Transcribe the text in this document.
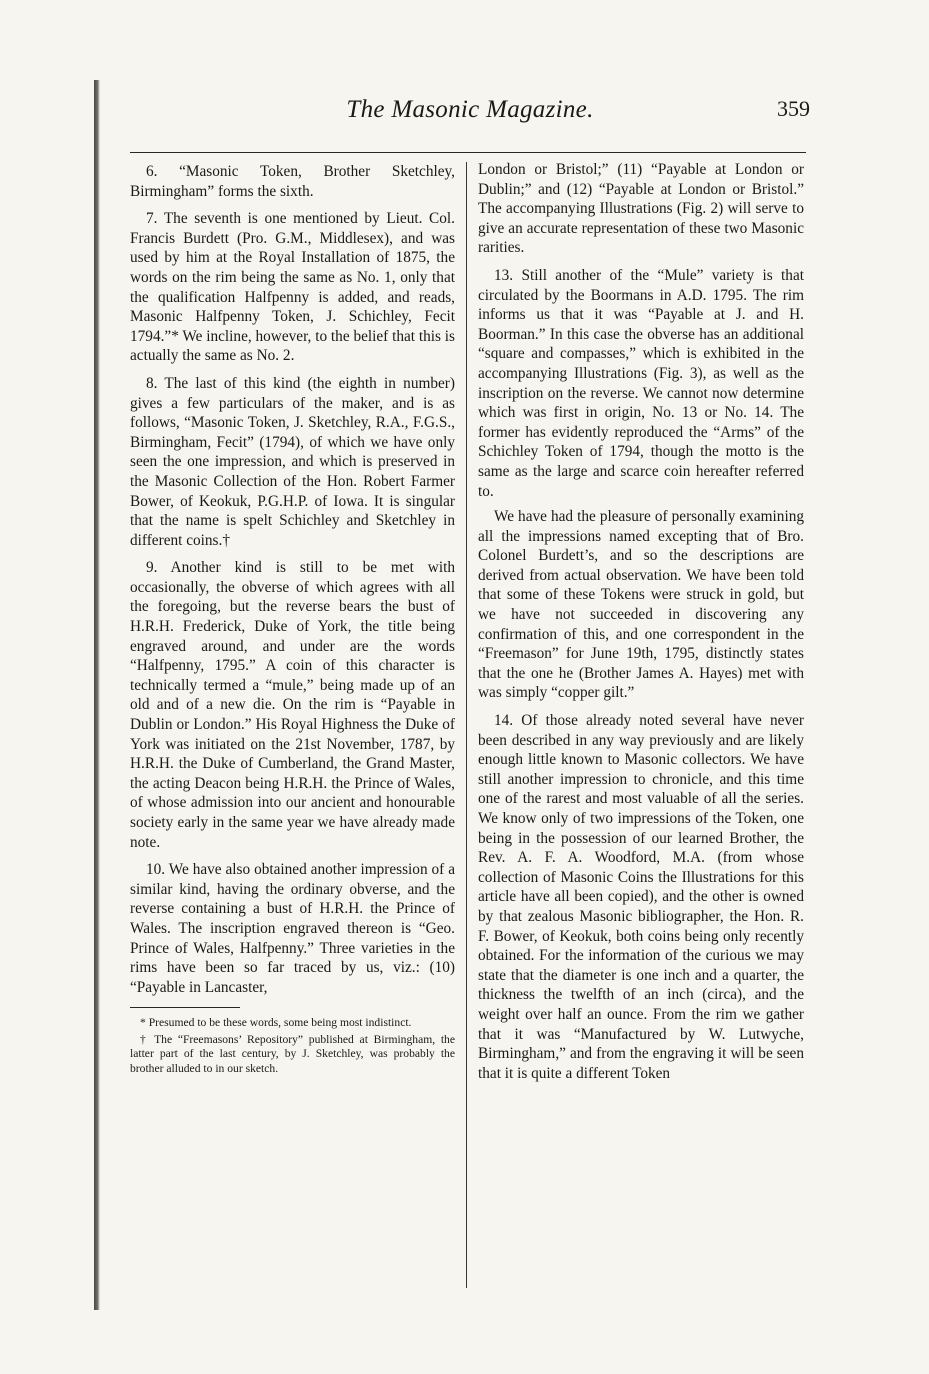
The Masonic Magazine.	359

6. “Masonic Token, Brother Sketchley, Birmingham” forms the sixth.

7. The seventh is one mentioned by Lieut. Col. Francis Burdett (Pro. G.M., Middlesex), and was used by him at the Royal Installation of 1875, the words on the rim being the same as No. 1, only that the qualification Halfpenny is added, and reads, Masonic Halfpenny Token, J. Schichley, Fecit 1794.”* We incline, however, to the belief that this is actually the same as No. 2.

8. The last of this kind (the eighth in number) gives a few particulars of the maker, and is as follows, “Masonic Token, J. Sketchley, R.A., F.G.S., Birmingham, Fecit” (1794), of which we have only seen the one impression, and which is preserved in the Masonic Collection of the Hon. Robert Farmer Bower, of Keokuk, P.G.H.P. of Iowa. It is singular that the name is spelt Schichley and Sketchley in different coins.†

9. Another kind is still to be met with occasionally, the obverse of which agrees with all the foregoing, but the reverse bears the bust of H.R.H. Frederick, Duke of York, the title being engraved around, and under are the words “Halfpenny, 1795.” A coin of this character is technically termed a “mule,” being made up of an old and of a new die. On the rim is “Payable in Dublin or London.” His Royal Highness the Duke of York was initiated on the 21st November, 1787, by H.R.H. the Duke of Cumberland, the Grand Master, the acting Deacon being H.R.H. the Prince of Wales, of whose admission into our ancient and honourable society early in the same year we have already made note.

10. We have also obtained another impression of a similar kind, having the ordinary obverse, and the reverse containing a bust of H.R.H. the Prince of Wales. The inscription engraved thereon is “Geo. Prince of Wales, Halfpenny.” Three varieties in the rims have been so far traced by us, viz.: (10) “Payable in Lancaster,

* Presumed to be these words, some being most indistinct.

† The “Freemasons’ Repository” published at Birmingham, the latter part of the last century, by J. Sketchley, was probably the brother alluded to in our sketch.

London or Bristol;” (11) “Payable at London or Dublin;” and (12) “Payable at London or Bristol.” The accompanying Illustrations (Fig. 2) will serve to give an accurate representation of these two Masonic rarities.

13. Still another of the “Mule” variety is that circulated by the Boormans in A.D. 1795. The rim informs us that it was “Payable at J. and H. Boorman.” In this case the obverse has an additional “square and compasses,” which is exhibited in the accompanying Illustrations (Fig. 3), as well as the inscription on the reverse. We cannot now determine which was first in origin, No. 13 or No. 14. The former has evidently reproduced the “Arms” of the Schichley Token of 1794, though the motto is the same as the large and scarce coin hereafter referred to.

We have had the pleasure of personally examining all the impressions named excepting that of Bro. Colonel Burdett’s, and so the descriptions are derived from actual observation. We have been told that some of these Tokens were struck in gold, but we have not succeeded in discovering any confirmation of this, and one correspondent in the “Freemason” for June 19th, 1795, distinctly states that the one he (Brother James A. Hayes) met with was simply “copper gilt.”

14. Of those already noted several have never been described in any way previously and are likely enough little known to Masonic collectors. We have still another impression to chronicle, and this time one of the rarest and most valuable of all the series. We know only of two impressions of the Token, one being in the possession of our learned Brother, the Rev. A. F. A. Woodford, M.A. (from whose collection of Masonic Coins the Illustrations for this article have all been copied), and the other is owned by that zealous Masonic bibliographer, the Hon. R. F. Bower, of Keokuk, both coins being only recently obtained. For the information of the curious we may state that the diameter is one inch and a quarter, the thickness the twelfth of an inch (circa), and the weight over half an ounce. From the rim we gather that it was “Manufactured by W. Lutwyche, Birmingham,” and from the engraving it will be seen that it is quite a different Token
